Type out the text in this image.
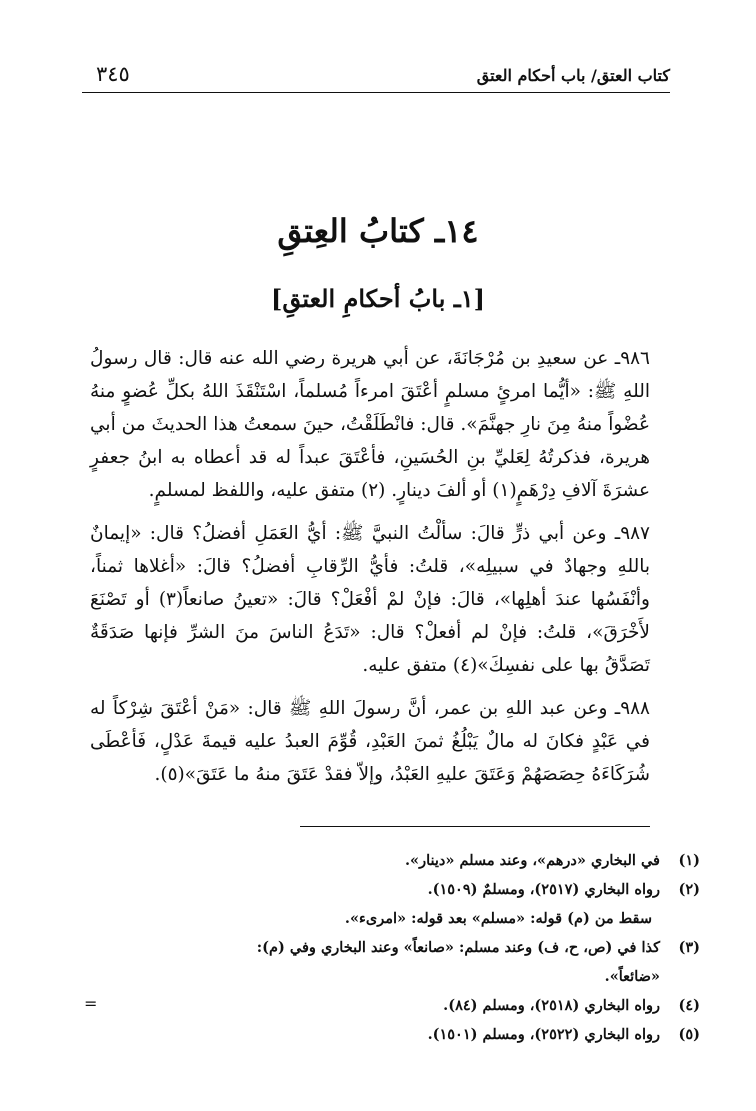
كتاب العتق/ باب أحكام العتق
٣٤٥
١٤ـ كتابُ العِتقِ
[١ـ بابُ أحكامِ العتقِ]

٩٨٦ـ عن سعيدِ بن مُرْجَانَةَ، عن أبي هريرة رضي الله عنه قال: قال رسولُ اللهِ ﷺ: «أيُّما امرئٍ مسلمٍ أعْتَقَ امرءاً مُسلماً، اسْتَنْقَذَ اللهُ بكلِّ عُضوٍ منهُ عُضْواً منهُ مِنَ نارِ جهنَّمَ». قال: فانْطَلَقْتُ، حينَ سمعتُ هذا الحديثَ من أبي هريرة، فذكرتُهُ لِعَليِّ بنِ الحُسَينِ، فأعْتَقَ عبداً له قد أعطاه به ابنُ جعفرٍ عشرَةَ آلافِ دِرْهَمٍ(١) أو ألفَ دينارٍ. (٢) متفق عليه، واللفظ لمسلمٍ.

٩٨٧ـ وعن أبي ذرٍّ قالَ: سألْتُ النبيَّ ﷺ: أيُّ العَمَلِ أفضلُ؟ قال: «إيمانٌ باللهِ وجهادٌ في سبيلِه»، قلتُ: فأيُّ الرِّقابِ أفضلُ؟ قالَ: «أغلاها ثمناً، وأنْفَسُها عندَ أهلِها»، قالَ: فإنْ لمْ أفْعَلْ؟ قالَ: «تعينُ صانعاً(٣) أو تَصْنَعَ لأَخْرَقَ»، قلتُ: فإنْ لم أفعلْ؟ قال: «تَدَعُ الناسَ منَ الشرِّ فإنها صَدَقَةٌ تَصَدَّقُ بها على نفسِكَ»(٤) متفق عليه.

٩٨٨ـ وعن عبد اللهِ بن عمر، أنَّ رسولَ اللهِ ﷺ قال: «مَنْ أعْتَقَ شِرْكاً له في عَبْدٍ فكانَ له مالٌ يَبْلُغُ ثمنَ العَبْدِ، قُوِّمَ العبدُ عليه قيمةَ عَدْلٍ، فَأعْطَى شُرَكَاءَهُ حِصَصَهُمْ وَعَتَقَ عليهِ العَبْدُ، وإلاّ فقدْ عَتَقَ منهُ ما عَتَقَ»(٥).

(١)
في البخاري «درهم»، وعند مسلم «دينار».
(٢)
رواه البخاري (٢٥١٧)، ومسلمٌ (١٥٠٩).
سقط من (م) قوله: «مسلم» بعد قوله: «امرىء».
(٣)
كذا في (ص، ح، ف) وعند مسلم: «صانعاً» وعند البخاري وفي (م): «ضائعاً».
(٤)
رواه البخاري (٢٥١٨)، ومسلم (٨٤).
(٥)
رواه البخاري (٢٥٢٢)، ومسلم (١٥٠١).
=
